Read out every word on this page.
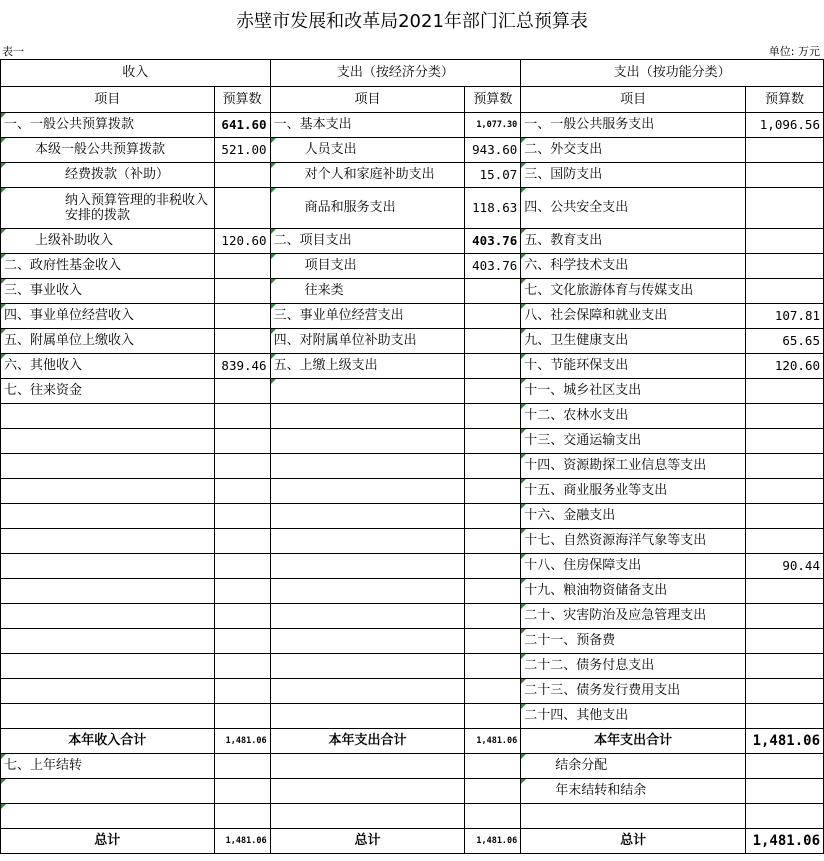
赤壁市发展和改革局2021年部门汇总预算表
表一	单位: 万元
收入		支出（按经济分类）		支出（按功能分类）	
项目	预算数	项目	预算数	项目	预算数
一、一般公共预算拨款	641.60	一、基本支出	1,077.30	一、一般公共服务支出	1,096.56
本级一般公共预算拨款	521.00	人员支出	943.60	二、外交支出	
经费拨款（补助）		对个人和家庭补助支出	15.07	三、国防支出	
纳入预算管理的非税收入安排的拨款		商品和服务支出	118.63	四、公共安全支出	
上级补助收入	120.60	二、项目支出	403.76	五、教育支出	
二、政府性基金收入		项目支出	403.76	六、科学技术支出	
三、事业收入		往来类		七、文化旅游体育与传媒支出	
四、事业单位经营收入		三、事业单位经营支出		八、社会保障和就业支出	107.81
五、附属单位上缴收入		四、对附属单位补助支出		九、卫生健康支出	65.65
六、其他收入	839.46	五、上缴上级支出		十、节能环保支出	120.60
七、往来资金				十一、城乡社区支出	
				十二、农林水支出	
				十三、交通运输支出	
				十四、资源勘探工业信息等支出	
				十五、商业服务业等支出	
				十六、金融支出	
				十七、自然资源海洋气象等支出	
				十八、住房保障支出	90.44
				十九、粮油物资储备支出	
				二十、灾害防治及应急管理支出	
				二十一、预备费	
				二十二、债务付息支出	
				二十三、债务发行费用支出	
				二十四、其他支出	
本年收入合计	1,481.06	本年支出合计	1,481.06	本年支出合计	1,481.06
七、上年结转				结余分配	
				年末结转和结余	

总计	1,481.06	总计	1,481.06	总计	1,481.06
